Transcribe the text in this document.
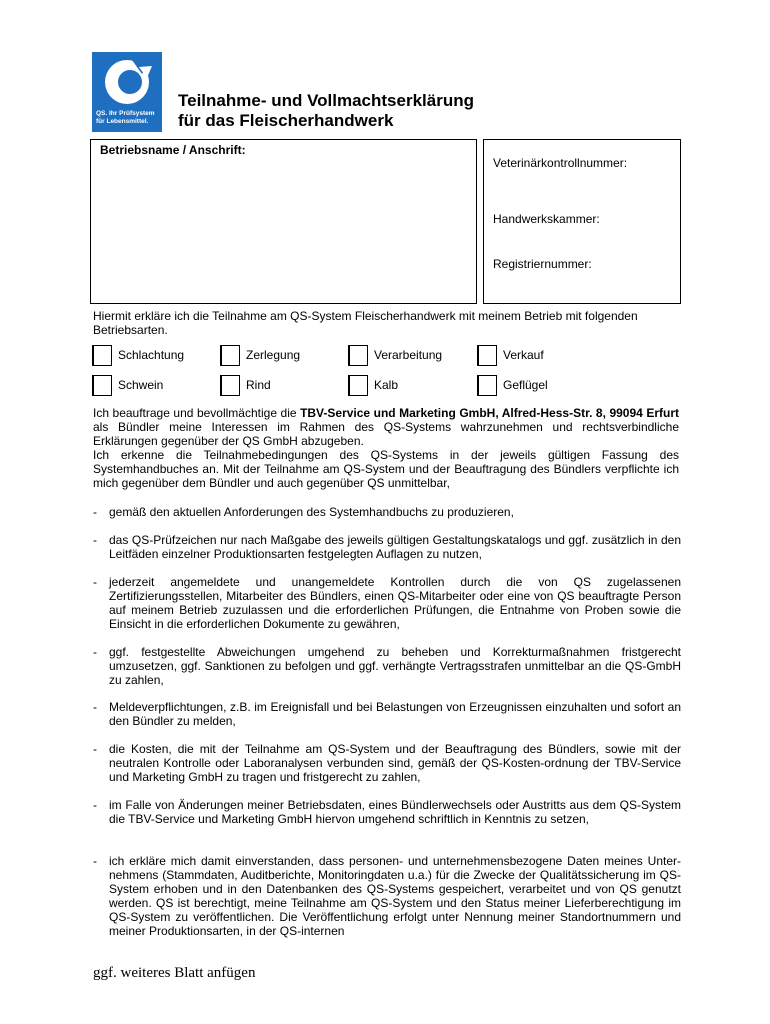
QS. Ihr Prüfsystem
für Lebensmittel.
Teilnahme- und Vollmachtserklärung
für das Fleischerhandwerk
Betriebsname / Anschrift:
Veterinärkontrollnummer:
Handwerkskammer:
Registriernummer:
Hiermit erkläre ich die Teilnahme am QS-System Fleischerhandwerk mit meinem Betrieb mit folgenden Betriebsarten.
Schlachtung	Zerlegung	Verarbeitung	Verkauf
Schwein	Rind	Kalb	Geflügel
Ich beauftrage und bevollmächtige die TBV-Service und Marketing GmbH, Alfred-Hess-Str. 8, 99094 Erfurt als Bündler meine Interessen im Rahmen des QS-Systems wahrzunehmen und rechtsverbindliche Erklärungen gegenüber der QS GmbH abzugeben.
Ich erkenne die Teilnahmebedingungen des QS-Systems in der jeweils gültigen Fassung des Systemhandbuches an. Mit der Teilnahme am QS-System und der Beauftragung des Bündlers verpflichte ich mich gegenüber dem Bündler und auch gegenüber QS unmittelbar,
- gemäß den aktuellen Anforderungen des Systemhandbuchs zu produzieren,
- das QS-Prüfzeichen nur nach Maßgabe des jeweils gültigen Gestaltungskatalogs und ggf. zusätzlich in den Leitfäden einzelner Produktionsarten festgelegten Auflagen zu nutzen,
- jederzeit angemeldete und unangemeldete Kontrollen durch die von QS zugelassenen Zertifizierungsstellen, Mitarbeiter des Bündlers, einen QS-Mitarbeiter oder eine von QS beauftragte Person auf meinem Betrieb zuzulassen und die erforderlichen Prüfungen, die Entnahme von Proben sowie die Einsicht in die erforderlichen Dokumente zu gewähren,
- ggf. festgestellte Abweichungen umgehend zu beheben und Korrekturmaßnahmen fristgerecht umzusetzen, ggf. Sanktionen zu befolgen und ggf. verhängte Vertragsstrafen unmittelbar an die QS-GmbH zu zahlen,
- Meldeverpflichtungen, z.B. im Ereignisfall und bei Belastungen von Erzeugnissen einzuhalten und sofort an den Bündler zu melden,
- die Kosten, die mit der Teilnahme am QS-System und der Beauftragung des Bündlers, sowie mit der neutralen Kontrolle oder Laboranalysen verbunden sind, gemäß der QS-Kosten-ordnung der TBV-Service und Marketing GmbH zu tragen und fristgerecht zu zahlen,
- im Falle von Änderungen meiner Betriebsdaten, eines Bündlerwechsels oder Austritts aus dem QS-System die TBV-Service und Marketing GmbH hiervon umgehend schriftlich in Kenntnis zu setzen,
- ich erkläre mich damit einverstanden, dass personen- und unternehmensbezogene Daten meines Unter-nehmens (Stammdaten, Auditberichte, Monitoringdaten u.a.) für die Zwecke der Qualitätssicherung im QS-System erhoben und in den Datenbanken des QS-Systems gespeichert, verarbeitet und von QS genutzt werden. QS ist berechtigt, meine Teilnahme am QS-System und den Status meiner Lieferberechtigung im QS-System zu veröffentlichen. Die Veröffentlichung erfolgt unter Nennung meiner Standortnummern und meiner Produktionsarten, in der QS-internen
ggf. weiteres Blatt anfügen
